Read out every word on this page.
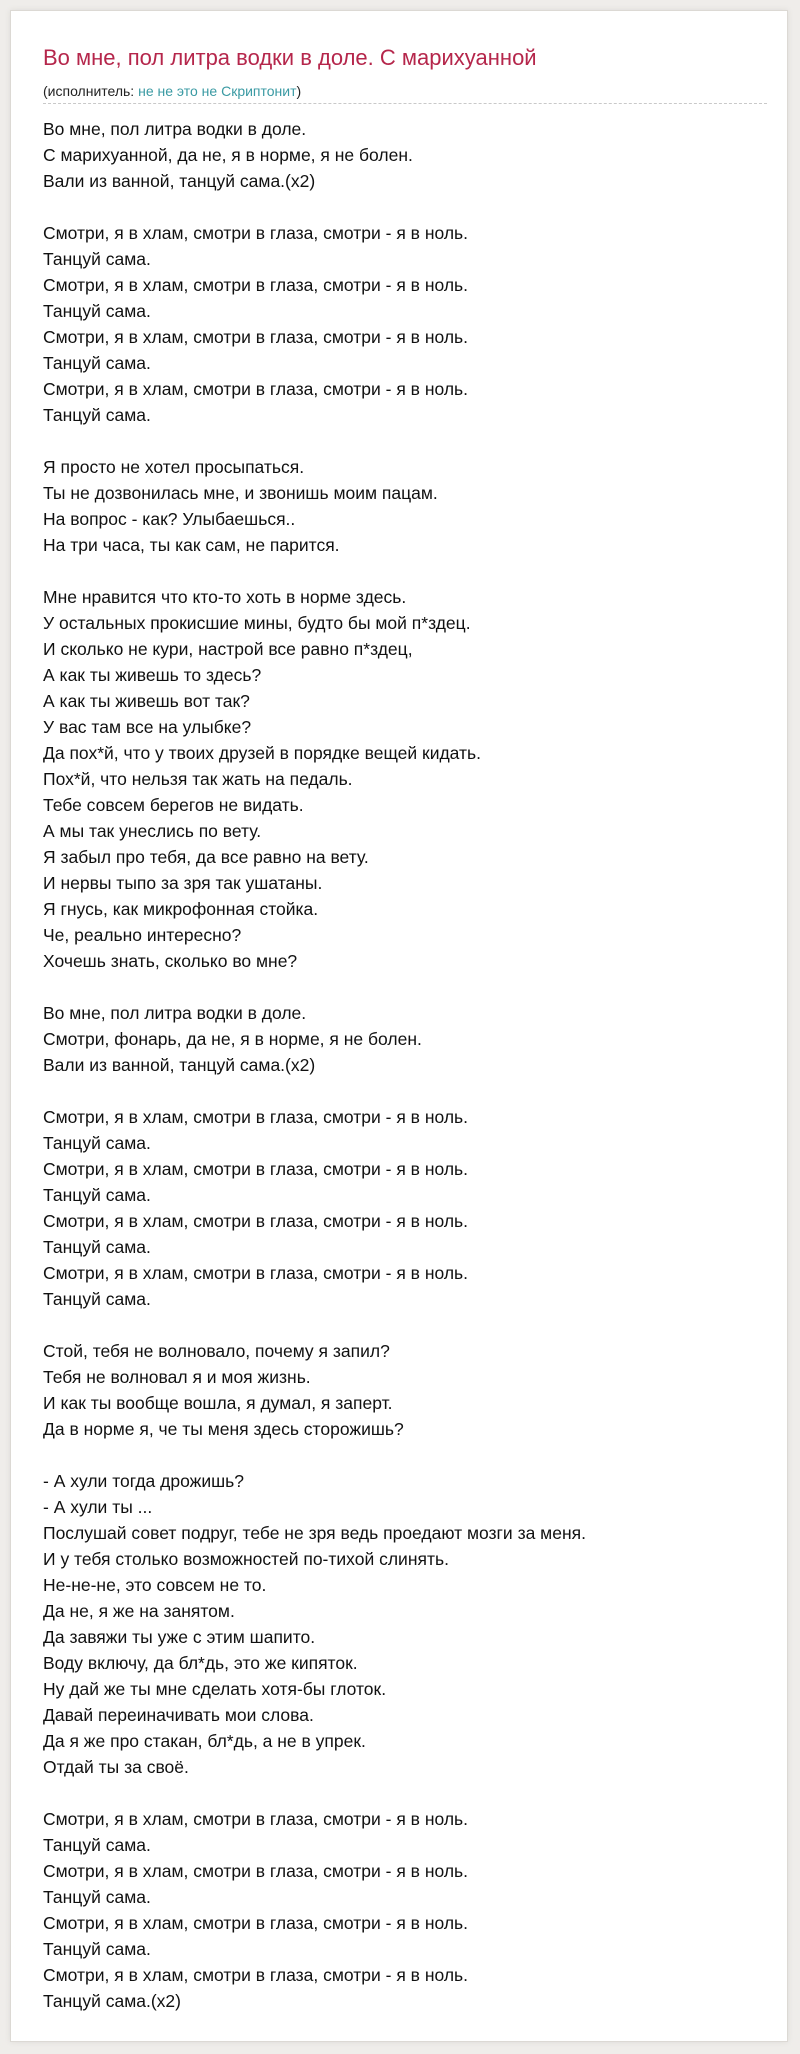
Во мне, пол литра водки в доле. С марихуанной
(исполнитель: не не это не Скриптонит)
Во мне, пол литра водки в доле.
С марихуанной, да не, я в норме, я не болен.
Вали из ванной, танцуй сама.(x2)
Смотри, я в хлам, смотри в глаза, смотри - я в ноль.
Танцуй сама.
Смотри, я в хлам, смотри в глаза, смотри - я в ноль.
Танцуй сама.
Смотри, я в хлам, смотри в глаза, смотри - я в ноль.
Танцуй сама.
Смотри, я в хлам, смотри в глаза, смотри - я в ноль.
Танцуй сама.
Я просто не хотел просыпаться.
Ты не дозвонилась мне, и звонишь моим пацам.
На вопрос - как? Улыбаешься..
На три часа, ты как сам, не парится.
Мне нравится что кто-то хоть в норме здесь.
У остальных прокисшие мины, будто бы мой п*здец.
И сколько не кури, настрой все равно п*здец,
А как ты живешь то здесь?
А как ты живешь вот так?
У вас там все на улыбке?
Да пох*й, что у твоих друзей в порядке вещей кидать.
Пох*й, что нельзя так жать на педаль.
Тебе совсем берегов не видать.
А мы так унеслись по вету.
Я забыл про тебя, да все равно на вету.
И нервы тыпо за зря так ушатаны.
Я гнусь, как микрофонная стойка.
Че, реально интересно?
Хочешь знать, сколько во мне?
Во мне, пол литра водки в доле.
Смотри, фонарь, да не, я в норме, я не болен.
Вали из ванной, танцуй сама.(x2)
Смотри, я в хлам, смотри в глаза, смотри - я в ноль.
Танцуй сама.
Смотри, я в хлам, смотри в глаза, смотри - я в ноль.
Танцуй сама.
Смотри, я в хлам, смотри в глаза, смотри - я в ноль.
Танцуй сама.
Смотри, я в хлам, смотри в глаза, смотри - я в ноль.
Танцуй сама.
Стой, тебя не волновало, почему я запил?
Тебя не волновал я и моя жизнь.
И как ты вообще вошла, я думал, я заперт.
Да в норме я, че ты меня здесь сторожишь?
- А хули тогда дрожишь?
- А хули ты ...
Послушай совет подруг, тебе не зря ведь проедают мозги за меня.
И у тебя столько возможностей по-тихой слинять.
Не-не-не, это совсем не то.
Да не, я же на занятом.
Да завяжи ты уже с этим шапито.
Воду включу, да бл*дь, это же кипяток.
Ну дай же ты мне сделать хотя-бы глоток.
Давай переиначивать мои слова.
Да я же про стакан, бл*дь, а не в упрек.
Отдай ты за своё.
Смотри, я в хлам, смотри в глаза, смотри - я в ноль.
Танцуй сама.
Смотри, я в хлам, смотри в глаза, смотри - я в ноль.
Танцуй сама.
Смотри, я в хлам, смотри в глаза, смотри - я в ноль.
Танцуй сама.
Смотри, я в хлам, смотри в глаза, смотри - я в ноль.
Танцуй сама.(x2)
